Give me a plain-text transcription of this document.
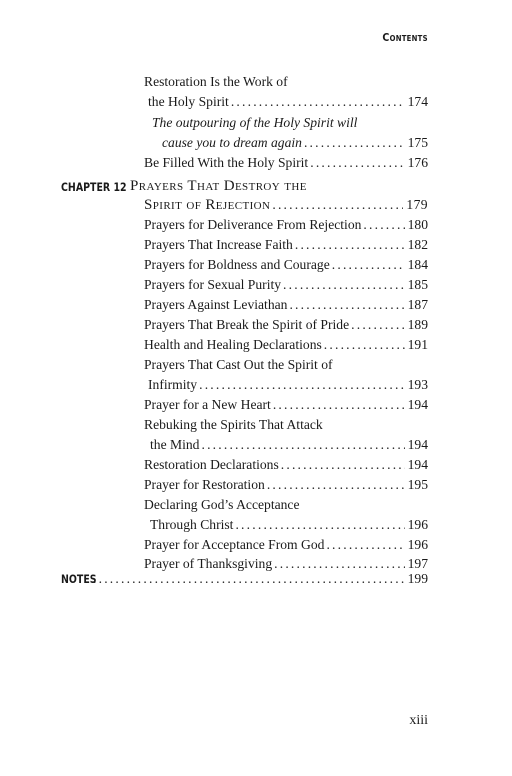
Contents
Restoration Is the Work of
the Holy Spirit . . .	174
The outpouring of the Holy Spirit will
cause you to dream again . . .	175
Be Filled With the Holy Spirit . . .	176
CHAPTER 12 Prayers That Destroy the
Spirit of Rejection . . .	179
Prayers for Deliverance From Rejection . . .	180
Prayers That Increase Faith . . .	182
Prayers for Boldness and Courage . . .	184
Prayers for Sexual Purity . . .	185
Prayers Against Leviathan . . .	187
Prayers That Break the Spirit of Pride . . .	189
Health and Healing Declarations . . .	191
Prayers That Cast Out the Spirit of
Infirmity . . .	193
Prayer for a New Heart . . .	194
Rebuking the Spirits That Attack
the Mind . . .	194
Restoration Declarations . . .	194
Prayer for Restoration . . .	195
Declaring God’s Acceptance
Through Christ . . .	196
Prayer for Acceptance From God . . .	196
Prayer of Thanksgiving . . .	197
NOTES . . .	199
xiii
